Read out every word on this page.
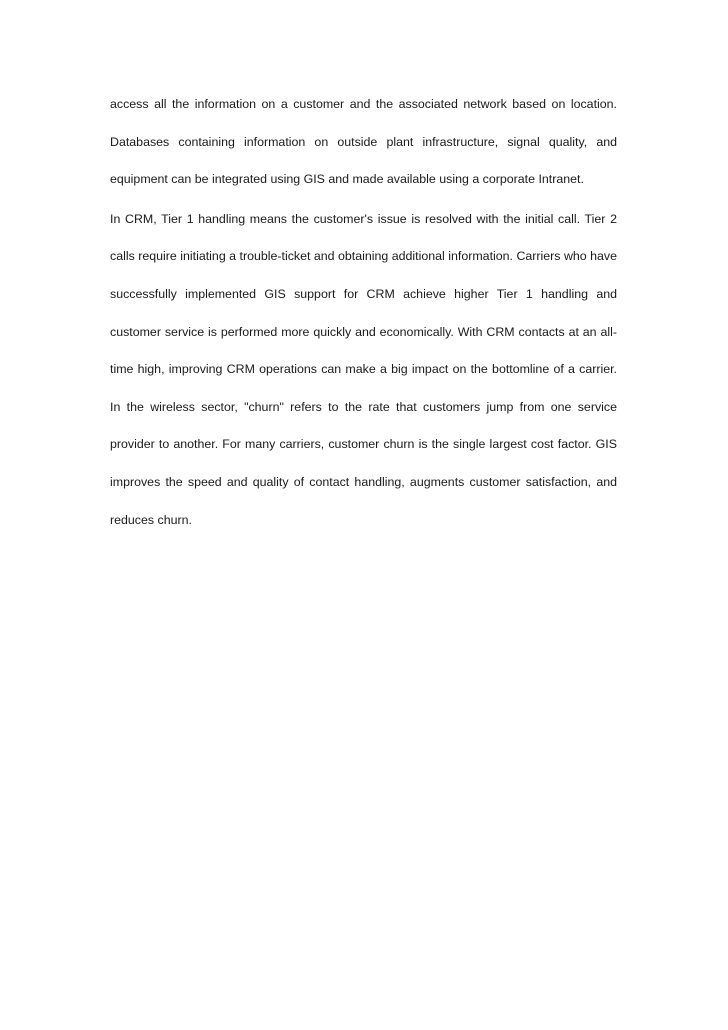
access all the information on a customer and the associated network based on location. Databases containing information on outside plant infrastructure, signal quality, and equipment can be integrated using GIS and made available using a corporate Intranet.

In CRM, Tier 1 handling means the customer's issue is resolved with the initial call. Tier 2 calls require initiating a trouble-ticket and obtaining additional information. Carriers who have successfully implemented GIS support for CRM achieve higher Tier 1 handling and customer service is performed more quickly and economically. With CRM contacts at an all-time high, improving CRM operations can make a big impact on the bottomline of a carrier. In the wireless sector, "churn" refers to the rate that customers jump from one service provider to another. For many carriers, customer churn is the single largest cost factor. GIS improves the speed and quality of contact handling, augments customer satisfaction, and reduces churn.
